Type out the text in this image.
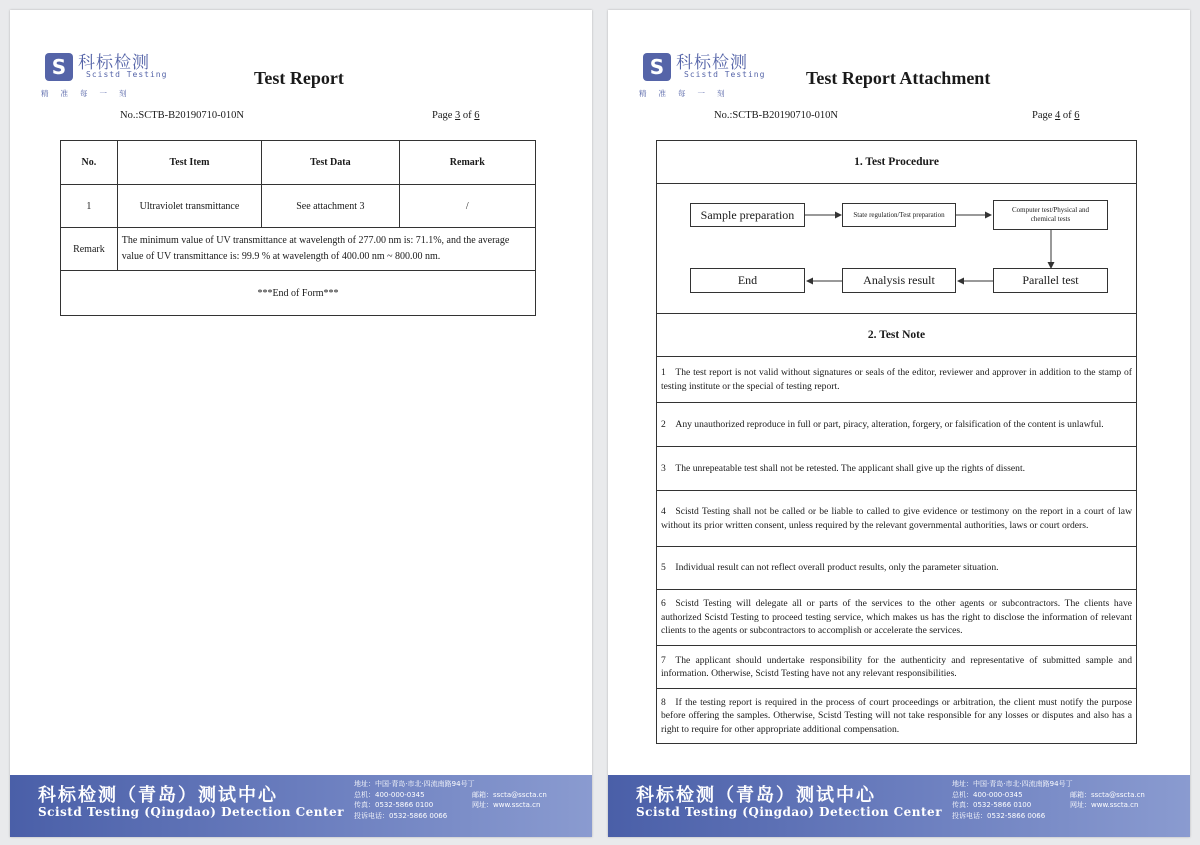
S 科标检测
Scistd Testing
精准每一刻
Test Report
No.:SCTB-B20190710-010N	Page 3 of 6
No.	Test Item	Test Data	Remark
1	Ultraviolet transmittance	See attachment 3	/
Remark
The minimum value of UV transmittance at wavelength of 277.00 nm is: 71.1%, and the average value of UV transmittance is: 99.9 % at wavelength of 400.00 nm ~ 800.00 nm.
***End of Form***
科标检测（青岛）测试中心
Scistd Testing (Qingdao) Detection Center
地址：中国·青岛·市北·四流南路94号丁
总机：400-000-0345	邮箱：sscta@sscta.cn
传真：0532-5866 0100	网址：www.sscta.cn
投诉电话：0532-5866 0066
S 科标检测
Scistd Testing
精准每一刻
Test Report Attachment
No.:SCTB-B20190710-010N	Page 4 of 6
1. Test Procedure
Sample preparation	State regulation/Test preparation
Computer test/Physical and chemical tests
Parallel test
Analysis result
End
2. Test Note
1 The test report is not valid without signatures or seals of the editor, reviewer and approver in addition to the stamp of testing institute or the special of testing report.
2 Any unauthorized reproduce in full or part, piracy, alteration, forgery, or falsification of the content is unlawful.
3 The unrepeatable test shall not be retested. The applicant shall give up the rights of dissent.
4 Scistd Testing shall not be called or be liable to called to give evidence or testimony on the report in a court of law without its prior written consent, unless required by the relevant governmental authorities, laws or court orders.
5 Individual result can not reflect overall product results, only the parameter situation.
6 Scistd Testing will delegate all or parts of the services to the other agents or subcontractors. The clients have authorized Scistd Testing to proceed testing service, which makes us has the right to disclose the information of relevant clients to the agents or subcontractors to accomplish or accelerate the services.
7 The applicant should undertake responsibility for the authenticity and representative of submitted sample and information. Otherwise, Scistd Testing have not any relevant responsibilities.
8 If the testing report is required in the process of court proceedings or arbitration, the client must notify the purpose before offering the samples. Otherwise, Scistd Testing will not take responsible for any losses or disputes and also has a right to require for other appropriate additional compensation.
科标检测（青岛）测试中心
Scistd Testing (Qingdao) Detection Center
地址：中国·青岛·市北·四流南路94号丁
总机：400-000-0345	邮箱：sscta@sscta.cn
传真：0532-5866 0100	网址：www.sscta.cn
投诉电话：0532-5866 0066
